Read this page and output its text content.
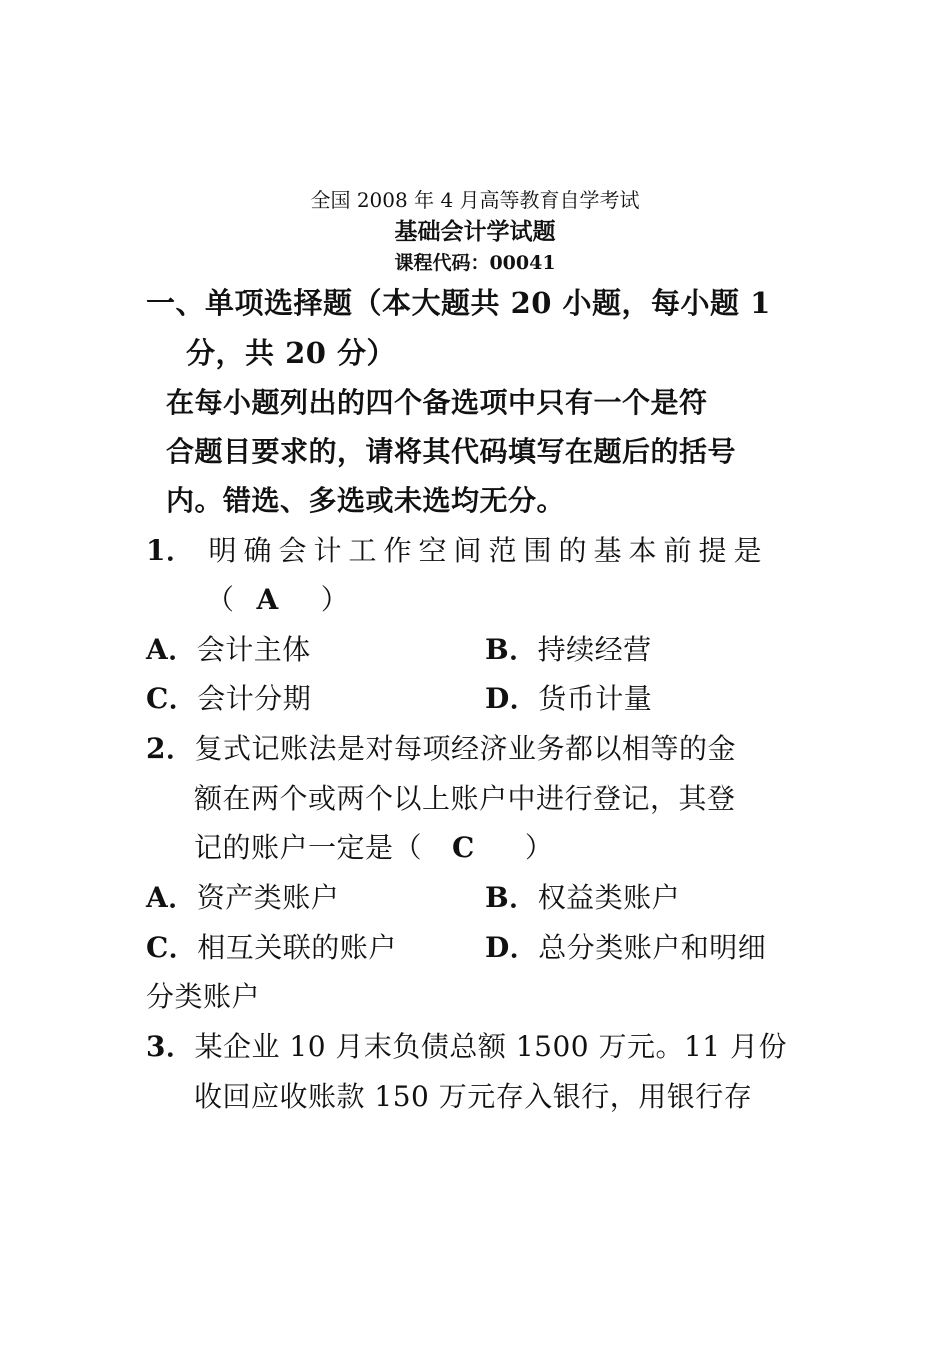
全国 2008 年 4 月高等教育自学考试
基础会计学试题
课程代码：00041
一、单项选择题（本大题共 20 小题，每小题 1
分，共 20 分）
在每小题列出的四个备选项中只有一个是符
合题目要求的，请将其代码填写在题后的括号
内。错选、多选或未选均无分。
1． 明确会计工作空间范围的基本前提是
（ A ）
A．会计主体	B．持续经营
C．会计分期	D．货币计量
2．复式记账法是对每项经济业务都以相等的金
额在两个或两个以上账户中进行登记，其登
记的账户一定是（ C ）
A．资产类账户	B．权益类账户
C．相互关联的账户	D．总分类账户和明细
分类账户
3．某企业 10 月末负债总额 1500 万元。11 月份
收回应收账款 150 万元存入银行，用银行存
